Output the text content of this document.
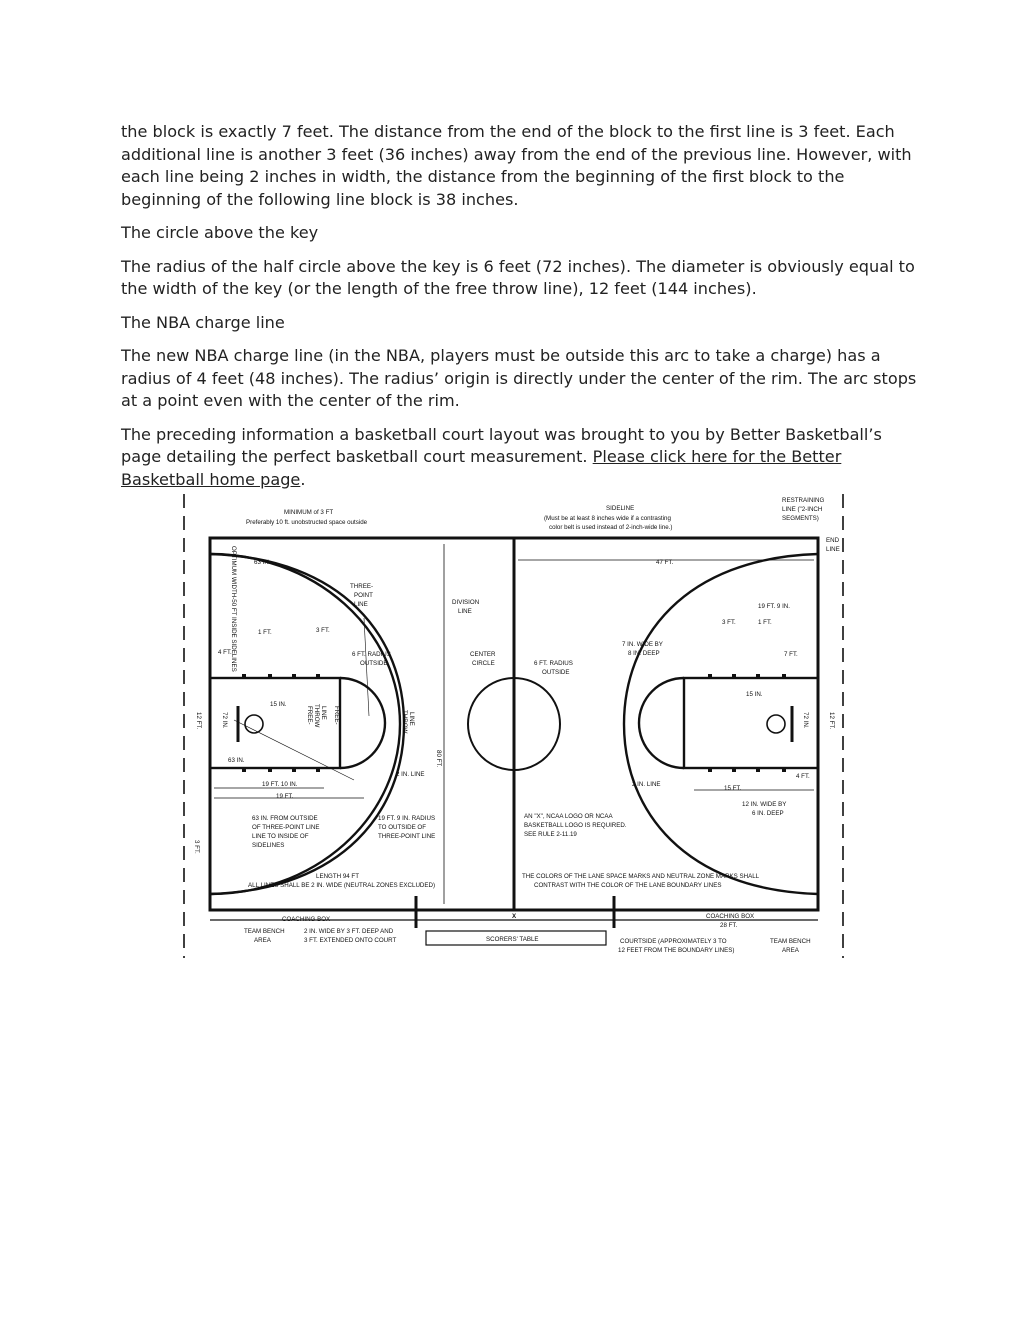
the block is exactly 7 feet. The distance from the end of the block to the first line is 3 feet. Each additional line is another 3 feet (36 inches) away from the end of the previous line. However, with each line being 2 inches in width, the distance from the beginning of the first block to the beginning of the following line block is 38 inches.

The circle above the key

The radius of the half circle above the key is 6 feet (72 inches). The diameter is obviously equal to the width of the key (or the length of the free throw line), 12 feet (144 inches).

The NBA charge line

The new NBA charge line (in the NBA, players must be outside this arc to take a charge) has a radius of 4 feet (48 inches). The radius’ origin is directly under the center of the rim. The arc stops at a point even with the center of the rim.

The preceding information a basketball court layout was brought to you by Better Basketball’s page detailing the perfect basketball court measurement. Please click here for the Better Basketball home page.

MINIMUM of 3 FT
Preferably 10 ft. unobstructed space outside
SIDELINE
(Must be at least 8 inches wide if a contrasting
color belt is used instead of 2-inch-wide line.)
RESTRAINING
LINE ("2-INCH
SEGMENTS)
END
LINE
OPTIMUM WIDTH-50 FT INSIDE SIDELINES	63 IN.
THREE-
POINT
LINE	DIVISION
LINE
47 FT.
19 FT. 9 IN.
3 FT.	1 FT.
1 FT.	3 FT.
4 FT.	6 FT. RADIUS
OUTSIDE
CENTER
CIRCLE	6 FT. RADIUS
OUTSIDE
7 IN. WIDE BY
8 IN. DEEP	7 FT.
15 IN.
15 IN.
72 IN.	72 IN.
12 FT.	12 FT.
FREE- THROW LINE FREE-	THROW LINE
80 FT.
63 IN.
2 IN. LINE
2 IN. LINE
19 FT. 10 IN.
19 FT.
15 FT.
4 FT.
12 IN. WIDE BY
6 IN. DEEP
63 IN. FROM OUTSIDE
OF THREE-POINT LINE
LINE TO INSIDE OF
SIDELINES
19 FT. 9 IN. RADIUS
TO OUTSIDE OF
THREE-POINT LINE
AN "X", NCAA LOGO OR NCAA
BASKETBALL LOGO IS REQUIRED.
SEE RULE 2-11.19
3 FT.
LENGTH 94 FT
ALL LINES SHALL BE 2 IN. WIDE (NEUTRAL ZONES EXCLUDED)
THE COLORS OF THE LANE SPACE MARKS AND NEUTRAL ZONE MARKS SHALL
CONTRAST WITH THE COLOR OF THE LANE BOUNDARY LINES
COACHING BOX
TEAM BENCH
AREA
2 IN. WIDE BY 3 FT. DEEP AND
3 FT. EXTENDED ONTO COURT
X
SCORERS' TABLE
COACHING BOX
28 FT.
COURTSIDE (APPROXIMATELY 3 TO
12 FEET FROM THE BOUNDARY LINES)
TEAM BENCH
AREA
